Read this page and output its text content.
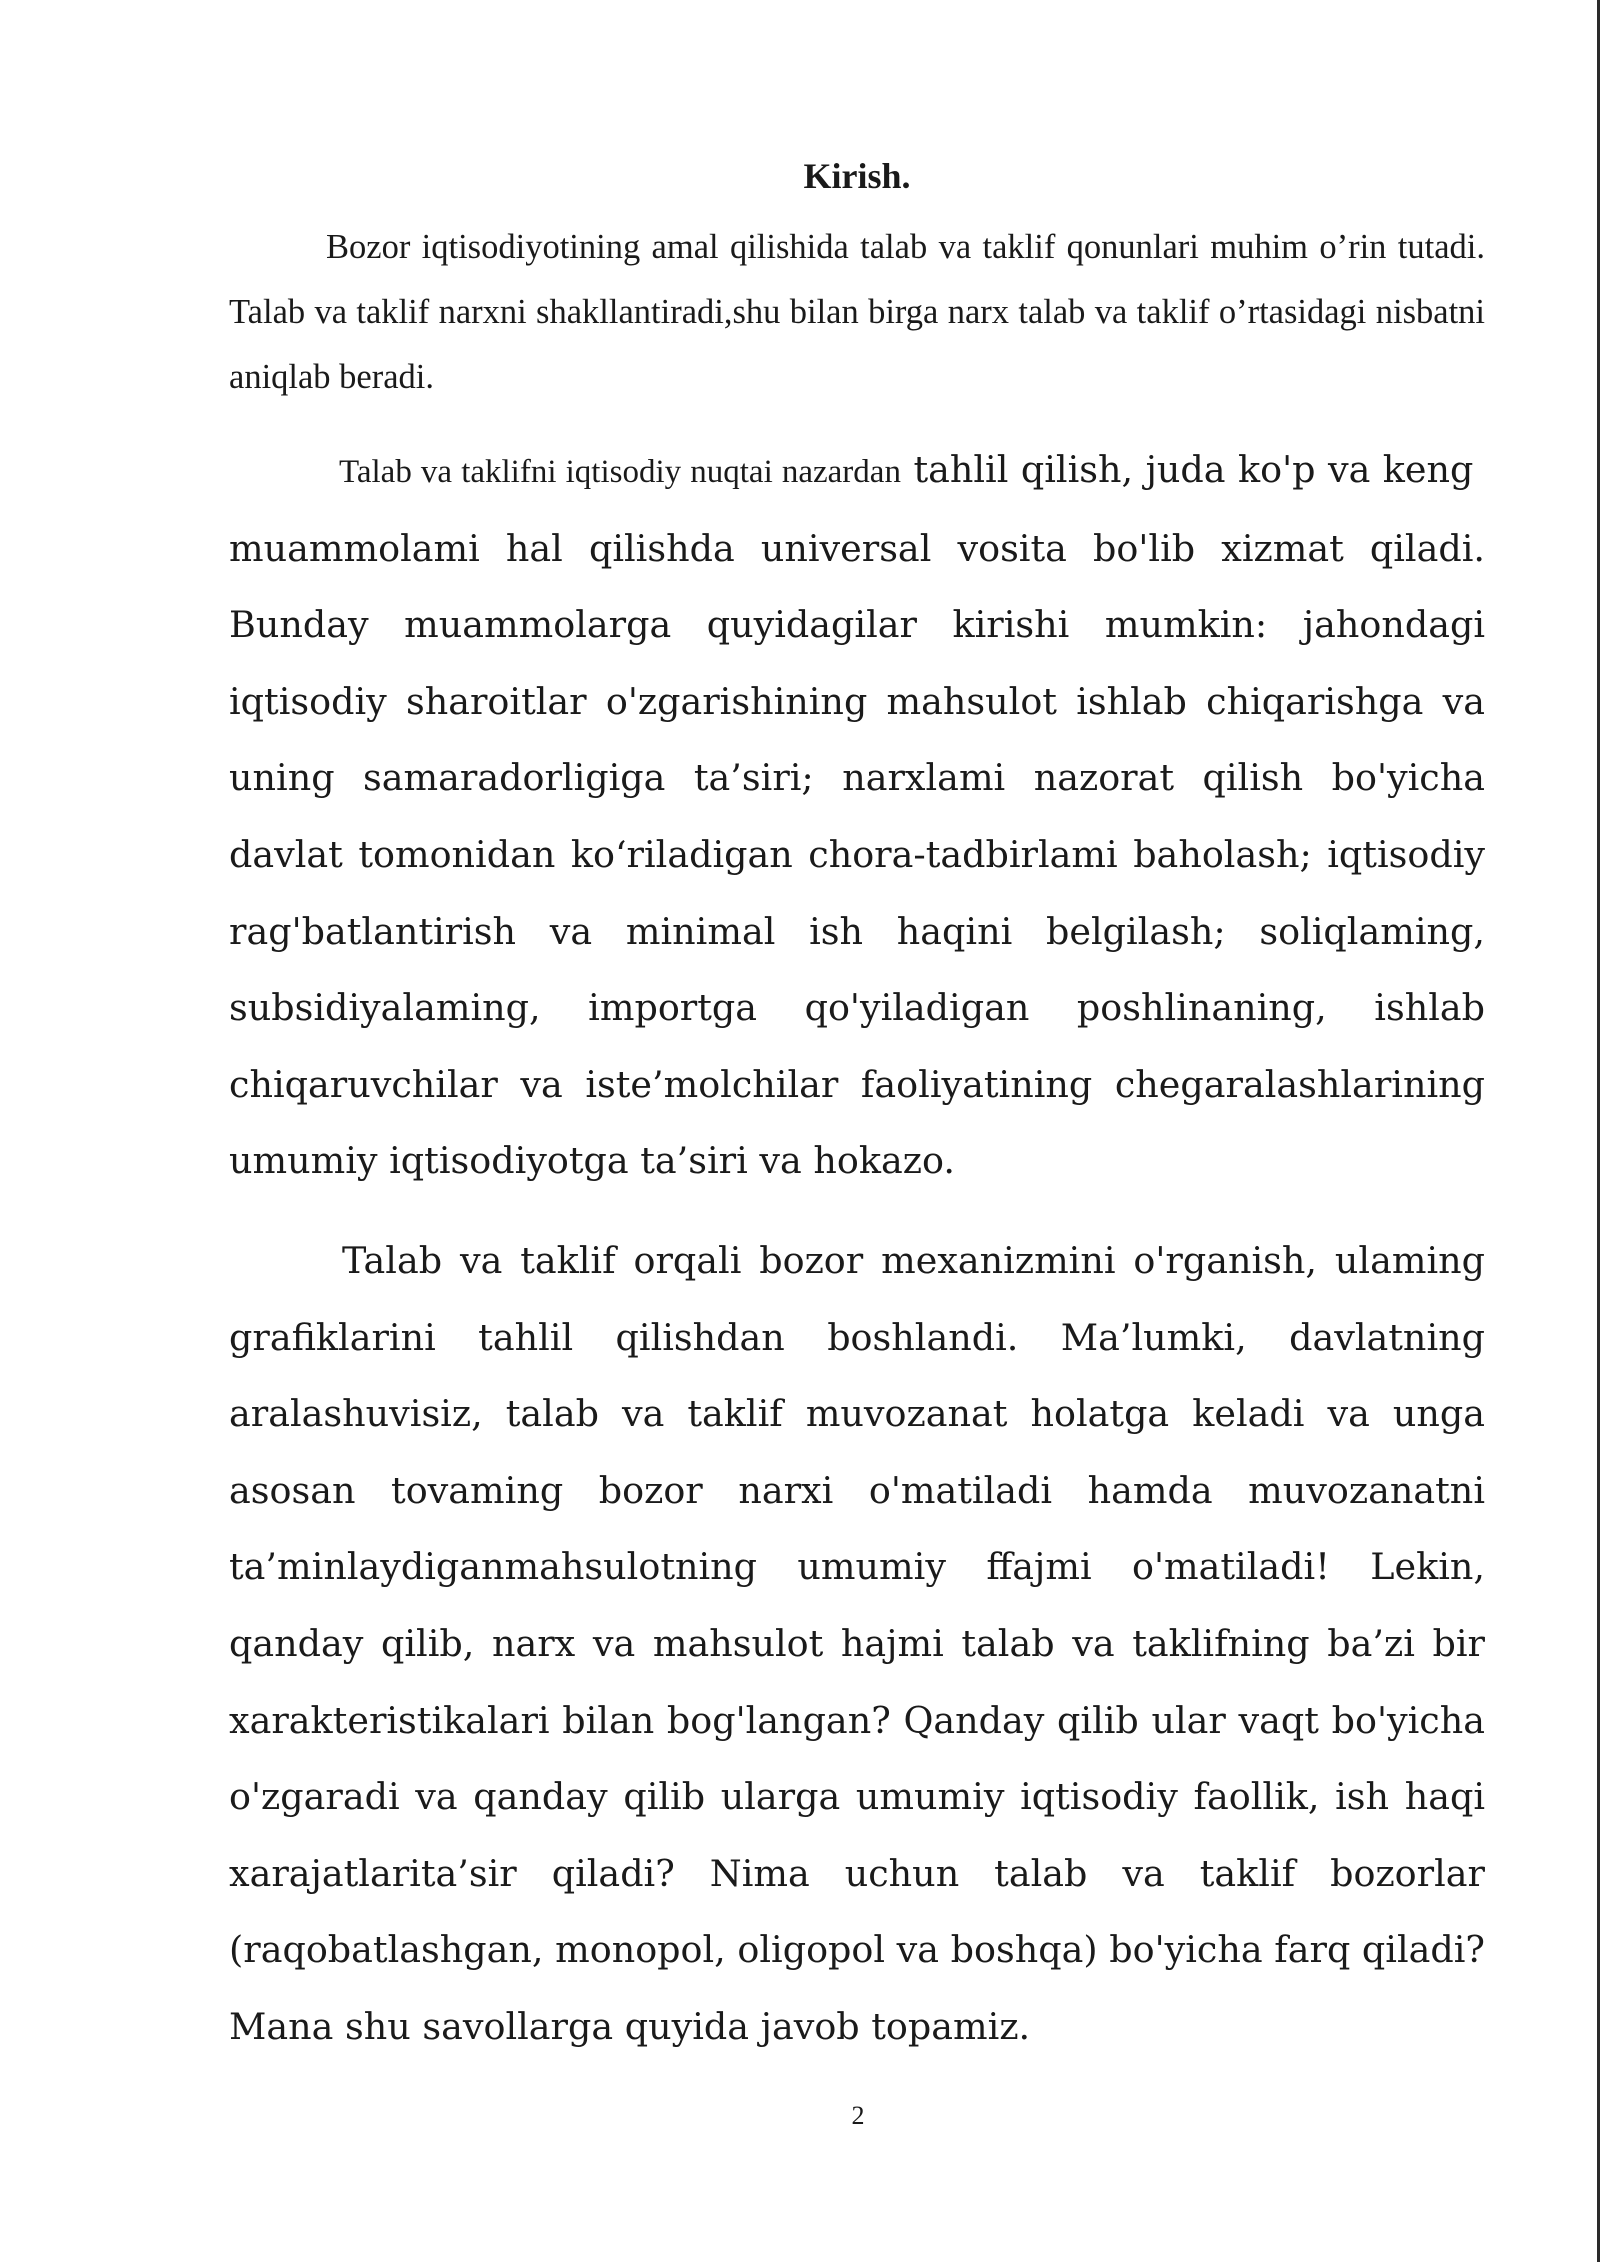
Kirish.
Bozor iqtisodiyotining amal qilishida talab va taklif qonunlari muhim o’rin tutadi. Talab va taklif narxni shakllantiradi,shu bilan birga narx talab va taklif o’rtasidagi nisbatni aniqlab beradi.
Talab va taklifni iqtisodiy nuqtai nazardan tahlil qilish, juda ko'p va keng  muammolami hal qilishda universal vosita bo'lib xizmat qiladi. Bunday muammolarga quyidagilar kirishi mumkin: jahondagi iqtisodiy sharoitlar o'zgarishining mahsulot ishlab chiqarishga va uning samaradorligiga ta’siri; narxlami nazorat qilish bo'yicha davlat tomonidan ko‘riladigan chora-tadbirlami baholash; iqtisodiy rag'batlantirish va minimal ish haqini belgilash; soliqlaming, subsidiyalaming, importga qo'yiladigan poshlinaning, ishlab chiqaruvchilar va iste’molchilar faoliyatining chegaralashlarining umumiy iqtisodiyotga ta’siri va hokazo.
Talab va taklif orqali bozor mexanizmini o'rganish, ulaming grafiklarini tahlil qilishdan boshlandi. Ma’lumki, davlatning aralashuvisiz, talab va taklif muvozanat holatga keladi va unga asosan tovaming bozor narxi o'matiladi hamda muvozanatni ta’minlaydiganmahsulotning umumiy ffajmi o'matiladi! Lekin, qanday qilib, narx va mahsulot hajmi talab va taklifning ba’zi bir xarakteristikalari bilan bog'langan? Qanday qilib ular vaqt bo'yicha o'zgaradi va qanday qilib ularga umumiy iqtisodiy faollik, ish haqi xarajatlarita’sir qiladi? Nima uchun talab va taklif bozorlar (raqobatlashgan, monopol, oligopol va boshqa) bo'yicha farq qiladi? Mana shu savollarga quyida javob topamiz.
2
